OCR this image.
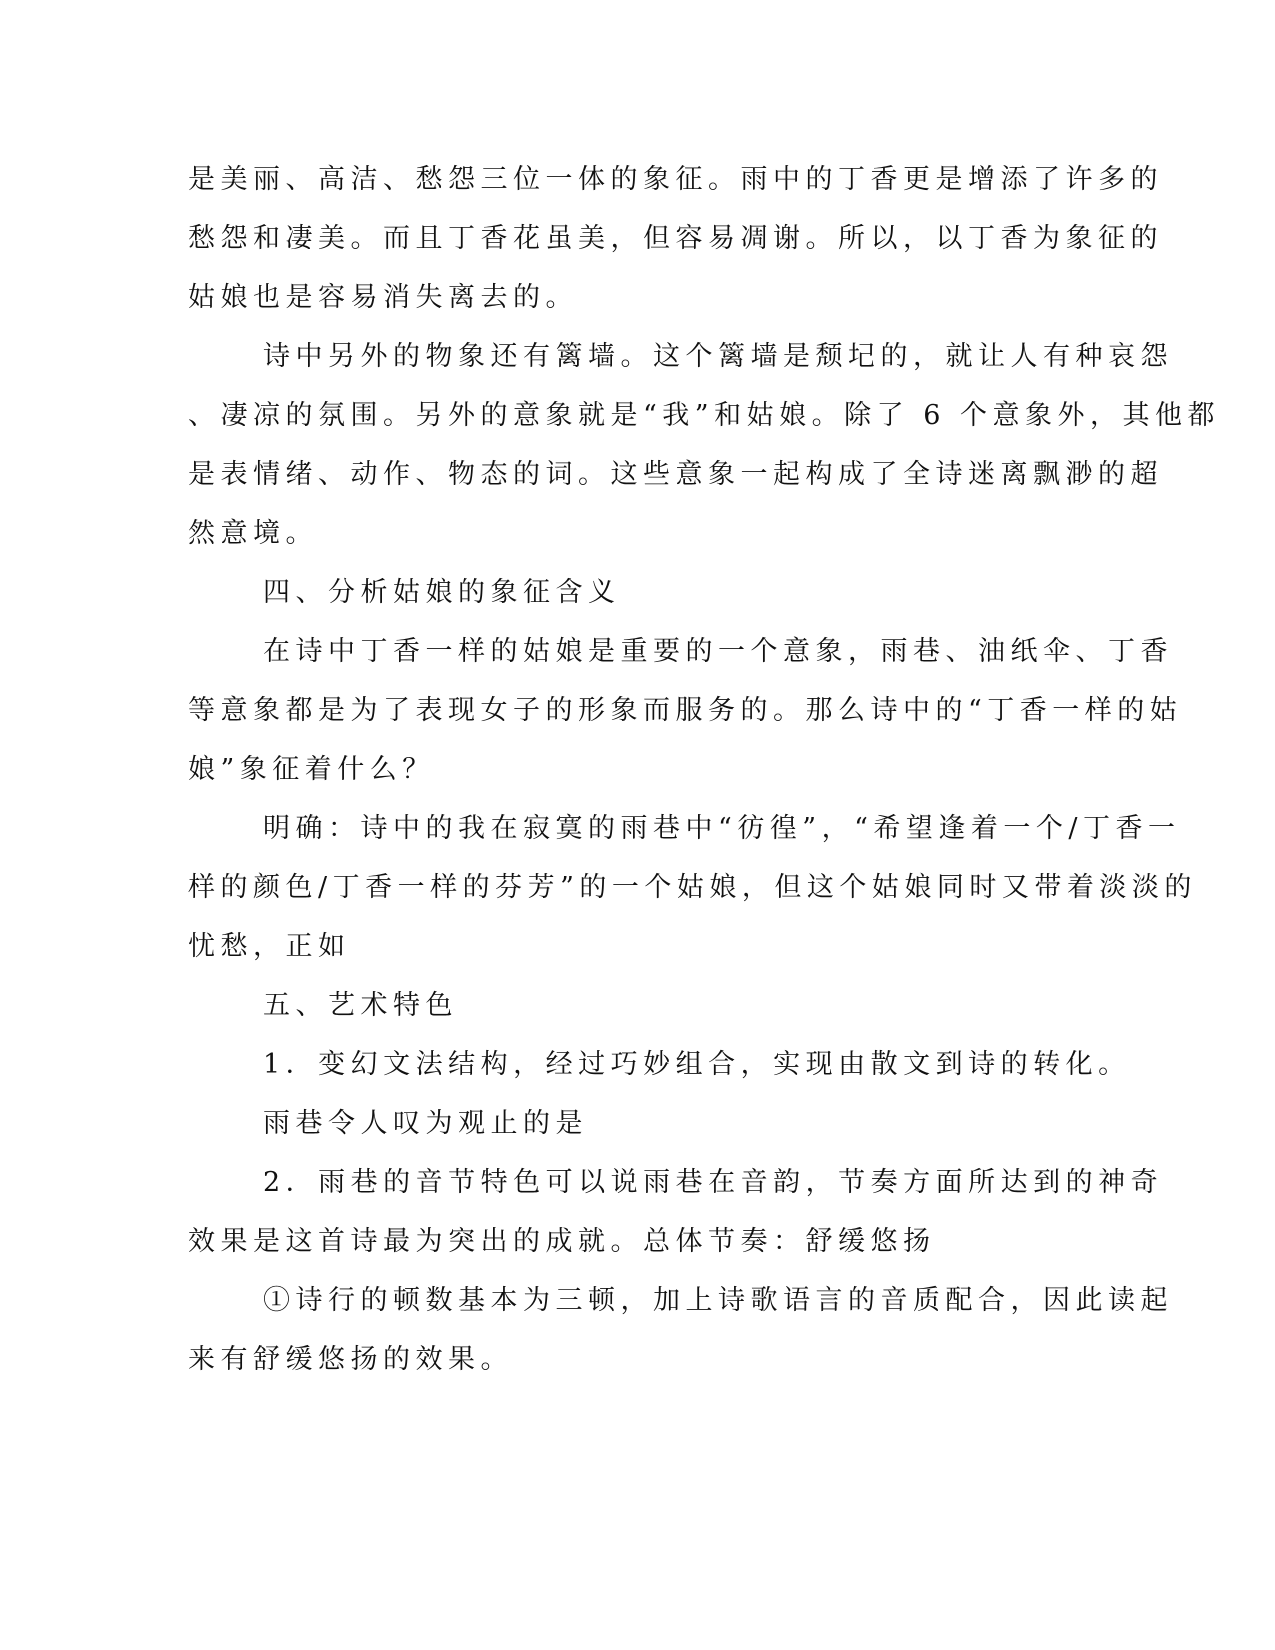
是美丽、高洁、愁怨三位一体的象征。雨中的丁香更是增添了许多的
愁怨和凄美。而且丁香花虽美，但容易凋谢。所以，以丁香为象征的
姑娘也是容易消失离去的。
诗中另外的物象还有篱墙。这个篱墙是颓圮的，就让人有种哀怨
、凄凉的氛围。另外的意象就是“我”和姑娘。除了 6 个意象外，其他都
是表情绪、动作、物态的词。这些意象一起构成了全诗迷离飘渺的超
然意境。
四、分析姑娘的象征含义
在诗中丁香一样的姑娘是重要的一个意象，雨巷、油纸伞、丁香
等意象都是为了表现女子的形象而服务的。那么诗中的“丁香一样的姑
娘”象征着什么？
明确：诗中的我在寂寞的雨巷中“彷徨”，“希望逢着一个/丁香一
样的颜色/丁香一样的芬芳”的一个姑娘，但这个姑娘同时又带着淡淡的
忧愁，正如
五、艺术特色
1．变幻文法结构，经过巧妙组合，实现由散文到诗的转化。
雨巷令人叹为观止的是
2．雨巷的音节特色可以说雨巷在音韵，节奏方面所达到的神奇
效果是这首诗最为突出的成就。总体节奏：舒缓悠扬
①诗行的顿数基本为三顿，加上诗歌语言的音质配合，因此读起
来有舒缓悠扬的效果。
